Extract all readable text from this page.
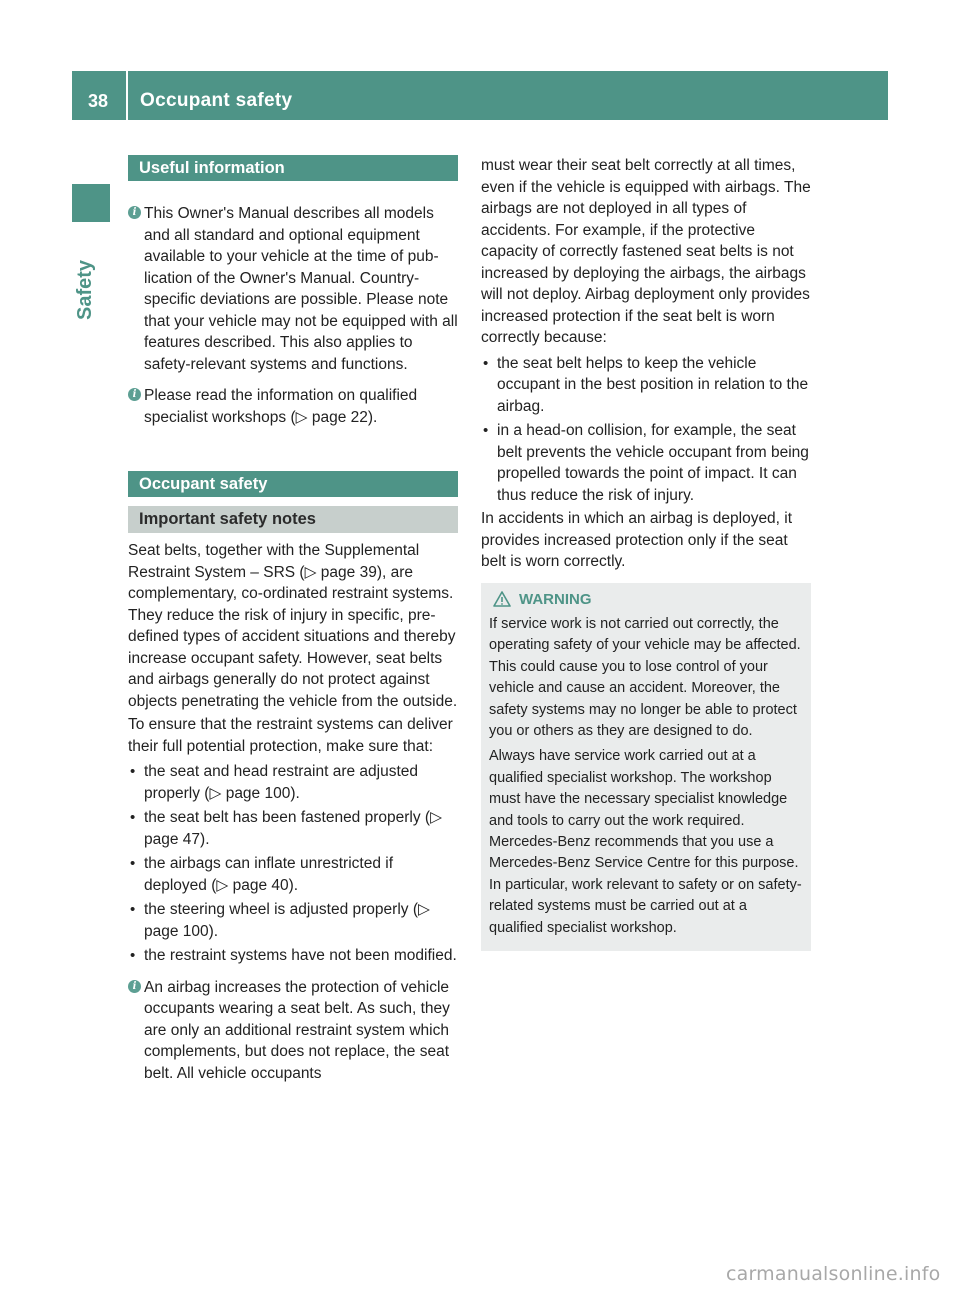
38	Occupant safety
Safety
Useful information
i This Owner's Manual describes all models and all standard and optional equipment available to your vehicle at the time of publication of the Owner's Manual. Country-specific deviations are possible. Please note that your vehicle may not be equipped with all features described. This also applies to safety-relevant systems and functions.
i Please read the information on qualified specialist workshops (▷ page 22).
Occupant safety
Important safety notes

Seat belts, together with the Supplemental Restraint System – SRS (▷ page 39), are complementary, co-ordinated restraint systems. They reduce the risk of injury in specific, pre-defined types of accident situations and thereby increase occupant safety. However, seat belts and airbags generally do not protect against objects penetrating the vehicle from the outside.

To ensure that the restraint systems can deliver their full potential protection, make sure that:

• the seat and head restraint are adjusted properly (▷ page 100).
• the seat belt has been fastened properly (▷ page 47).
• the airbags can inflate unrestricted if deployed (▷ page 40).
• the steering wheel is adjusted properly (▷ page 100).
• the restraint systems have not been modified.
i An airbag increases the protection of vehicle occupants wearing a seat belt. As such, they are only an additional restraint system which complements, but does not replace, the seat belt. All vehicle occupants

must wear their seat belt correctly at all times, even if the vehicle is equipped with airbags. The airbags are not deployed in all types of accidents. For example, if the protective capacity of correctly fastened seat belts is not increased by deploying the airbags, the airbags will not deploy. Airbag deployment only provides increased protection if the seat belt is worn correctly because:

• the seat belt helps to keep the vehicle occupant in the best position in relation to the airbag.
• in a head-on collision, for example, the seat belt prevents the vehicle occupant from being propelled towards the point of impact. It can thus reduce the risk of injury.

In accidents in which an airbag is deployed, it provides increased protection only if the seat belt is worn correctly.

WARNING

If service work is not carried out correctly, the operating safety of your vehicle may be affected. This could cause you to lose control of your vehicle and cause an accident. Moreover, the safety systems may no longer be able to protect you or others as they are designed to do.

Always have service work carried out at a qualified specialist workshop. The workshop must have the necessary specialist knowledge and tools to carry out the work required. Mercedes-Benz recommends that you use a Mercedes-Benz Service Centre for this purpose. In particular, work relevant to safety or on safety-related systems must be carried out at a qualified specialist workshop.

carmanualsonline.info
